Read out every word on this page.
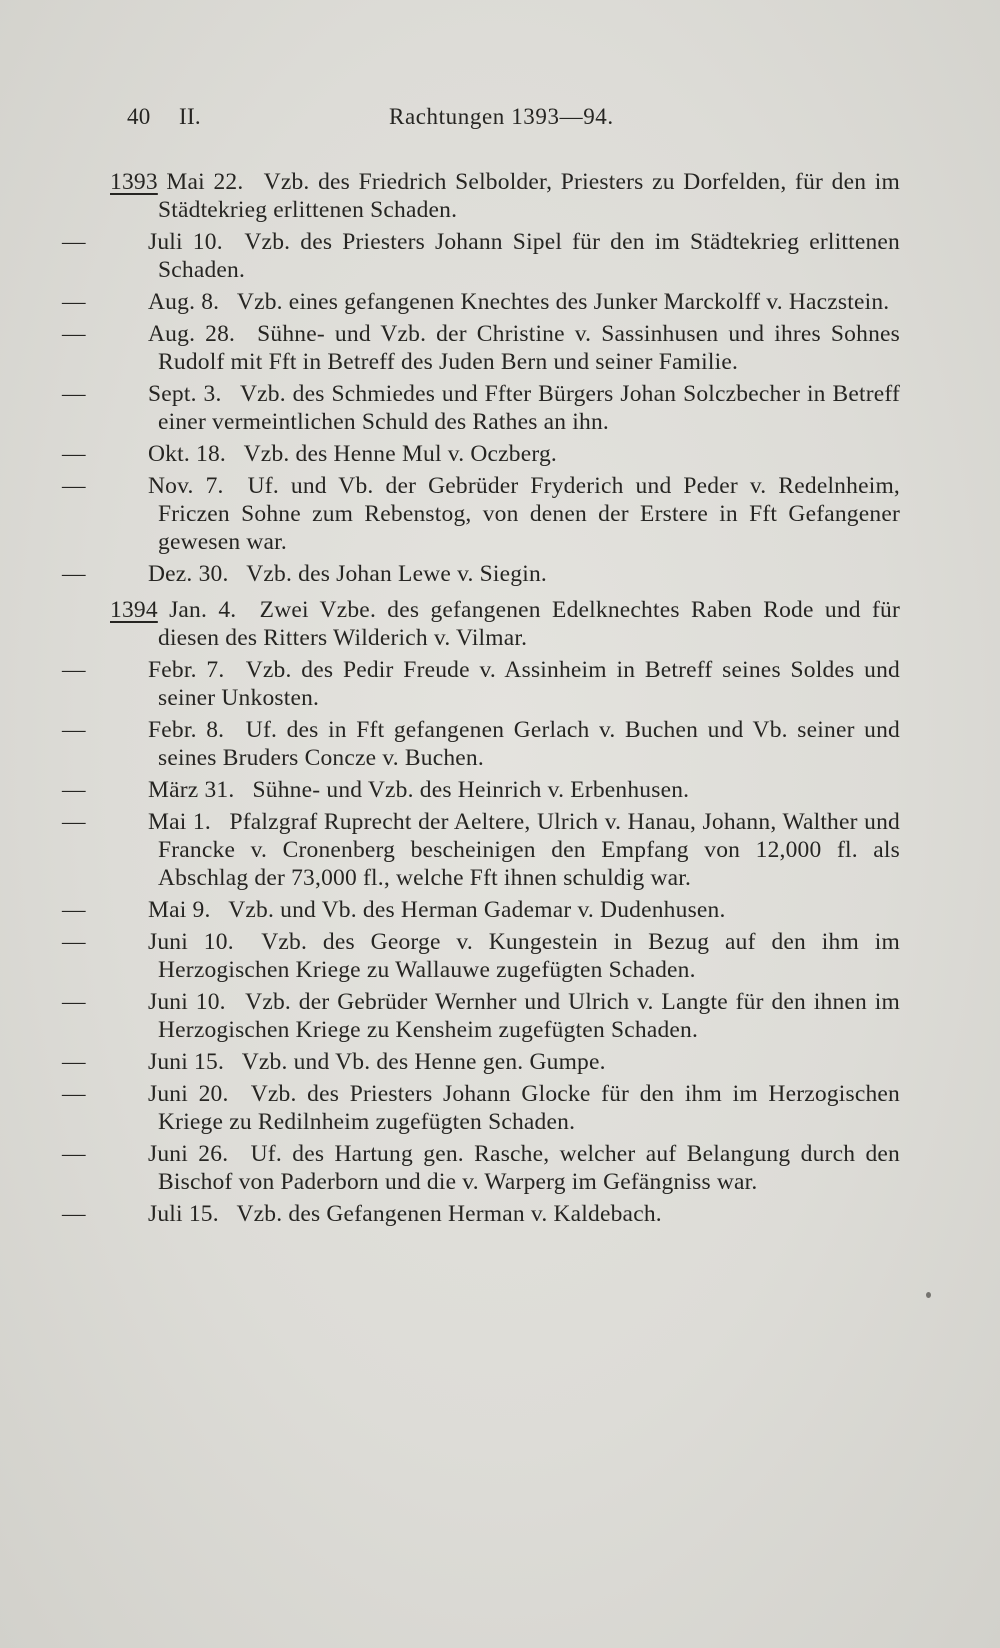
40 II.	Rachtungen 1393—94.
1393 Mai 22. Vzb. des Friedrich Selbolder, Priesters zu Dorfelden, für den im Städtekrieg erlittenen Schaden.
—	Juli 10. Vzb. des Priesters Johann Sipel für den im Städtekrieg erlittenen Schaden.
—	Aug. 8. Vzb. eines gefangenen Knechtes des Junker Marckolff v. Haczstein.
—	Aug. 28. Sühne- und Vzb. der Christine v. Sassinhusen und ihres Sohnes Rudolf mit Fft in Betreff des Juden Bern und seiner Familie.
—	Sept. 3. Vzb. des Schmiedes und Ffter Bürgers Johan Solczbecher in Betreff einer vermeintlichen Schuld des Rathes an ihn.
—	Okt. 18. Vzb. des Henne Mul v. Oczberg.
—	Nov. 7. Uf. und Vb. der Gebrüder Fryderich und Peder v. Redelnheim, Friczen Sohne zum Rebenstog, von denen der Erstere in Fft Gefangener gewesen war.
—	Dez. 30. Vzb. des Johan Lewe v. Siegin.
1394 Jan. 4. Zwei Vzbe. des gefangenen Edelknechtes Raben Rode und für diesen des Ritters Wilderich v. Vilmar.
—	Febr. 7. Vzb. des Pedir Freude v. Assinheim in Betreff seines Soldes und seiner Unkosten.
—	Febr. 8. Uf. des in Fft gefangenen Gerlach v. Buchen und Vb. seiner und seines Bruders Concze v. Buchen.
—	März 31. Sühne- und Vzb. des Heinrich v. Erbenhusen.
—	Mai 1. Pfalzgraf Ruprecht der Aeltere, Ulrich v. Hanau, Johann, Walther und Francke v. Cronenberg bescheinigen den Empfang von 12,000 fl. als Abschlag der 73,000 fl., welche Fft ihnen schuldig war.
—	Mai 9. Vzb. und Vb. des Herman Gademar v. Dudenhusen.
—	Juni 10. Vzb. des George v. Kungestein in Bezug auf den ihm im Herzogischen Kriege zu Wallauwe zugefügten Schaden.
—	Juni 10. Vzb. der Gebrüder Wernher und Ulrich v. Langte für den ihnen im Herzogischen Kriege zu Kensheim zugefügten Schaden.
—	Juni 15. Vzb. und Vb. des Henne gen. Gumpe.
—	Juni 20. Vzb. des Priesters Johann Glocke für den ihm im Herzogischen Kriege zu Redilnheim zugefügten Schaden.
—	Juni 26. Uf. des Hartung gen. Rasche, welcher auf Belangung durch den Bischof von Paderborn und die v. Warperg im Gefängniss war.
—	Juli 15. Vzb. des Gefangenen Herman v. Kaldebach.
